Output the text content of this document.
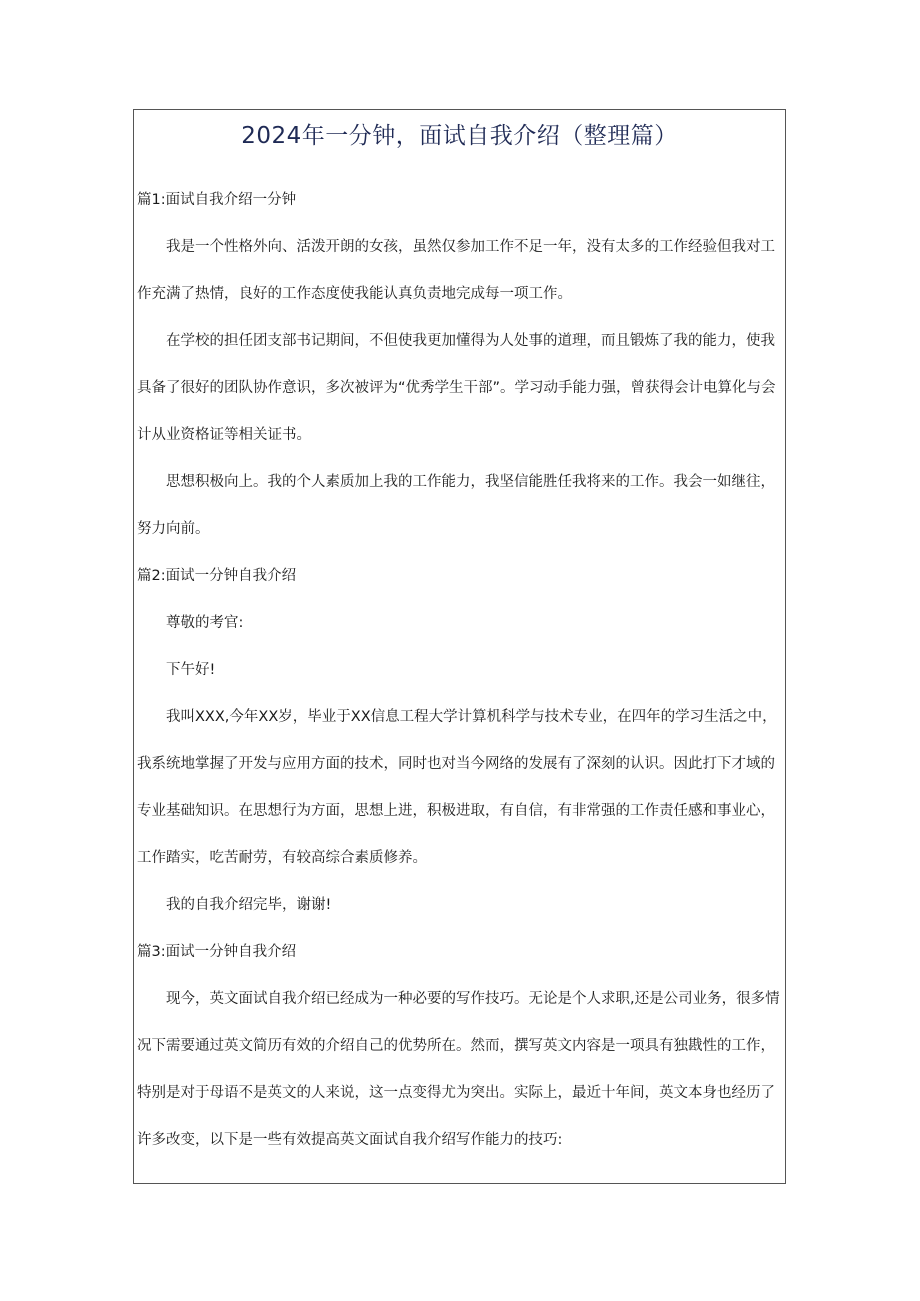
2024年一分钟，面试自我介绍（整理篇）
篇1:面试自我介绍一分钟

我是一个性格外向、活泼开朗的女孩，虽然仅参加工作不足一年，没有太多的工作经验但我对工
作充满了热情，良好的工作态度使我能认真负责地完成每一项工作。

在学校的担任团支部书记期间，不但使我更加懂得为人处事的道理，而且锻炼了我的能力，使我
具备了很好的团队协作意识，多次被评为“优秀学生干部”。学习动手能力强，曾获得会计电算化与会
计从业资格证等相关证书。

思想积极向上。我的个人素质加上我的工作能力，我坚信能胜任我将来的工作。我会一如继往，
努力向前。

篇2:面试一分钟自我介绍

尊敬的考官:

下午好!

我叫XXX,今年XX岁，毕业于XX信息工程大学计算机科学与技术专业，在四年的学习生活之中，
我系统地掌握了开发与应用方面的技术，同时也对当今网络的发展有了深刻的认识。因此打下才域的
专业基础知识。在思想行为方面，思想上进，积极进取，有自信，有非常强的工作责任感和事业心，
工作踏实，吃苦耐劳，有较高综合素质修养。

我的自我介绍完毕，谢谢!

篇3:面试一分钟自我介绍

现今，英文面试自我介绍已经成为一种必要的写作技巧。无论是个人求职,还是公司业务，很多情
况下需要通过英文简历有效的介绍自己的优势所在。然而，撰写英文内容是一项具有独戡性的工作，
特别是对于母语不是英文的人来说，这一点变得尤为突出。实际上，最近十年间，英文本身也经历了
许多改变，以下是一些有效提高英文面试自我介绍写作能力的技巧:
